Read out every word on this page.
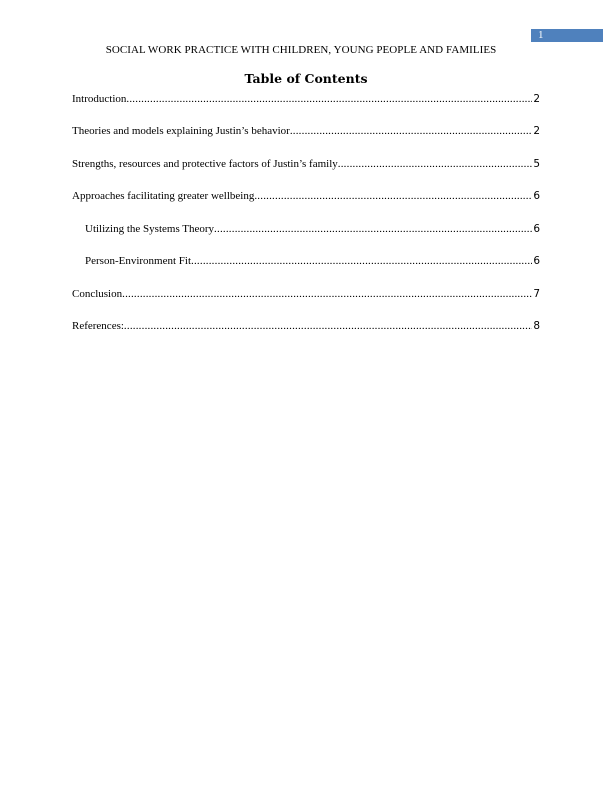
1
SOCIAL WORK PRACTICE WITH CHILDREN, YOUNG PEOPLE AND FAMILIES
Table of Contents
Introduction .....	2
Theories and models explaining Justin’s behavior .....	2
Strengths, resources and protective factors of Justin’s family .....	5
Approaches facilitating greater wellbeing .....	6
Utilizing the Systems Theory .....	6
Person-Environment Fit .....	6
Conclusion .....	7
References: .....	8
